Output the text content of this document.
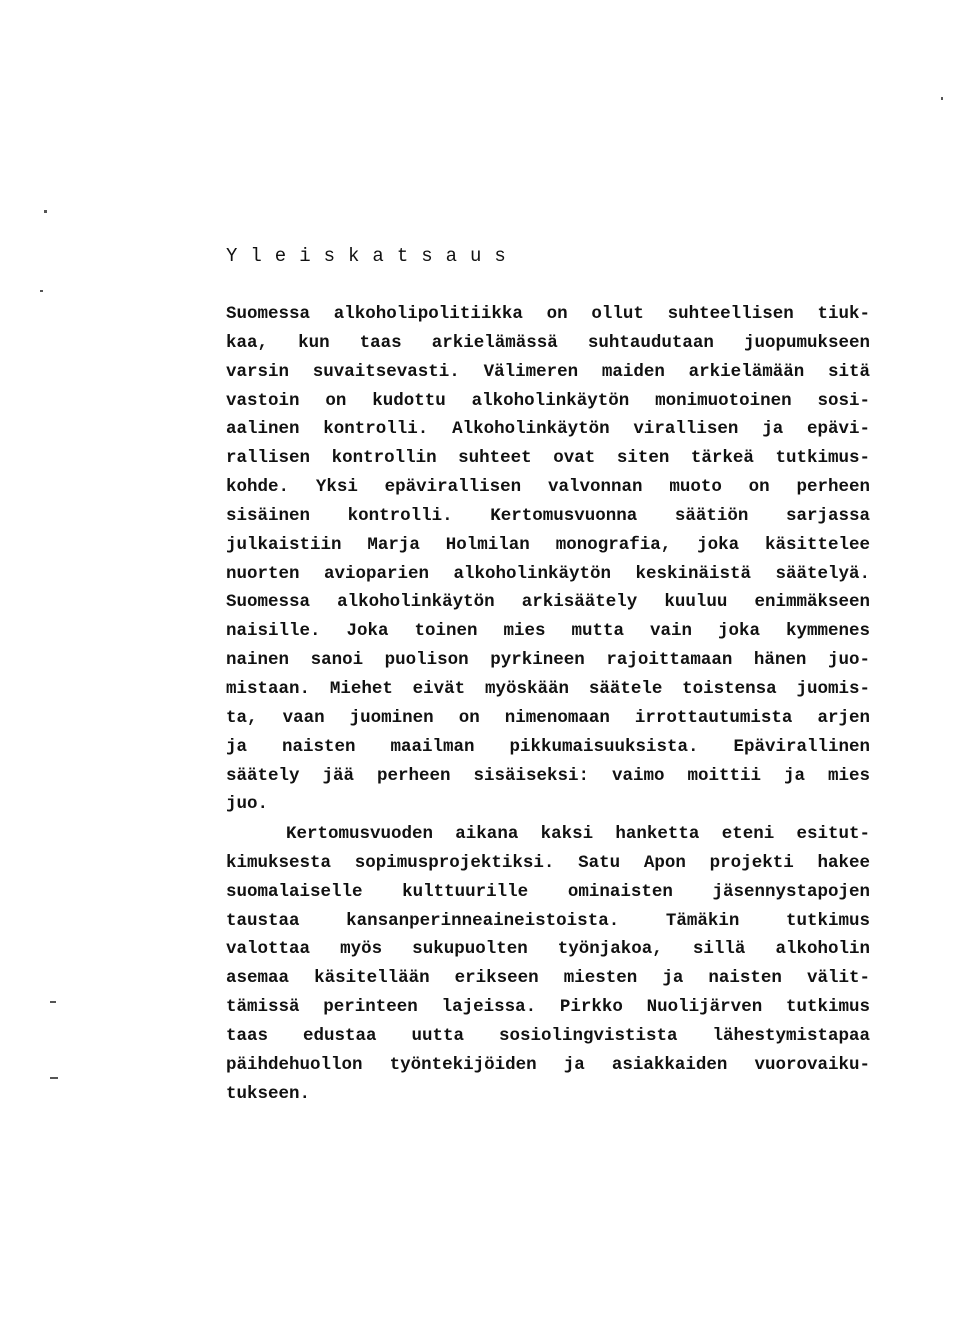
Yleiskatsaus
Suomessa alkoholipolitiikka on ollut suhteellisen tiuk-
kaa, kun taas arkielämässä suhtaudutaan juopumukseen
varsin suvaitsevasti. Välimeren maiden arkielämään sitä
vastoin on kudottu alkoholinkäytön monimuotoinen sosi-
aalinen kontrolli. Alkoholinkäytön virallisen ja epävi-
rallisen kontrollin suhteet ovat siten tärkeä tutkimus-
kohde. Yksi epävirallisen valvonnan muoto on perheen
sisäinen kontrolli. Kertomusvuonna säätiön sarjassa
julkaistiin Marja Holmilan monografia, joka käsittelee
nuorten avioparien alkoholinkäytön keskinäistä säätelyä.
Suomessa alkoholinkäytön arkisäätely kuuluu enimmäkseen
naisille. Joka toinen mies mutta vain joka kymmenes
nainen sanoi puolison pyrkineen rajoittamaan hänen juo-
mistaan. Miehet eivät myöskään säätele toistensa juomis-
ta, vaan juominen on nimenomaan irrottautumista arjen
ja naisten maailman pikkumaisuuksista. Epävirallinen
säätely jää perheen sisäiseksi: vaimo moittii ja mies
juo.
Kertomusvuoden aikana kaksi hanketta eteni esitut-
kimuksesta sopimusprojektiksi. Satu Apon projekti hakee
suomalaiselle kulttuurille ominaisten jäsennystapojen
taustaa kansanperinneaineistoista. Tämäkin tutkimus
valottaa myös sukupuolten työnjakoa, sillä alkoholin
asemaa käsitellään erikseen miesten ja naisten välit-
tämissä perinteen lajeissa. Pirkko Nuolijärven tutkimus
taas edustaa uutta sosiolingvistista lähestymistapaa
päihdehuollon työntekijöiden ja asiakkaiden vuorovaiku-
tukseen.
